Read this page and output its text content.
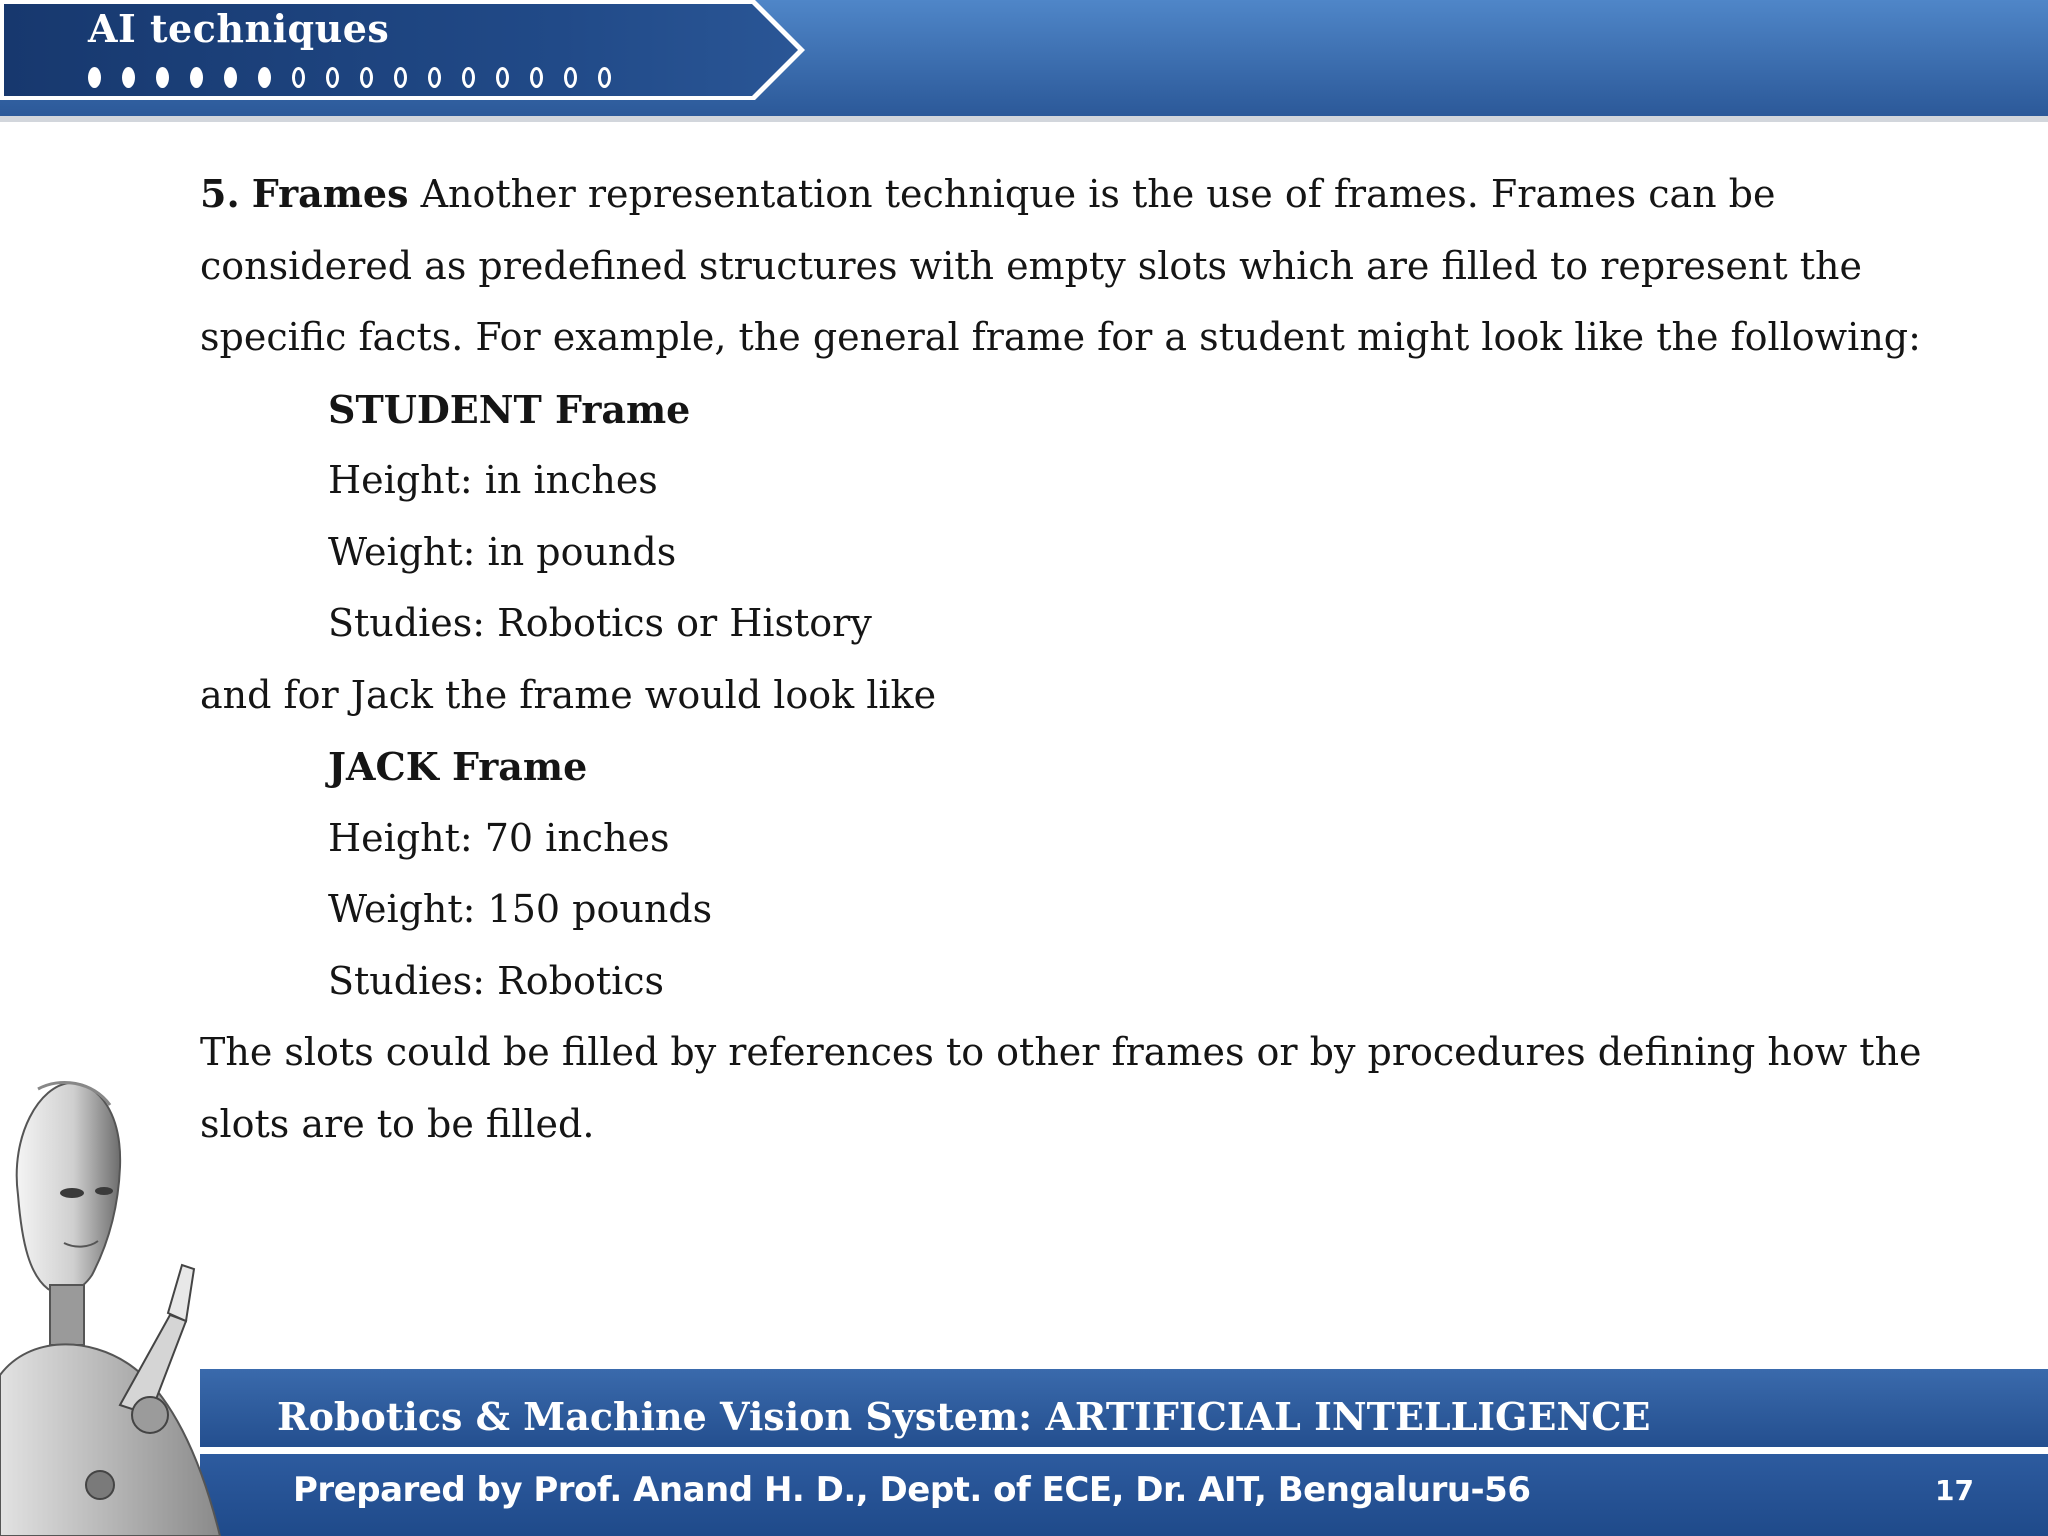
AI techniques

5. Frames Another representation technique is the use of frames. Frames can be
considered as predefined structures with empty slots which are filled to represent the
specific facts. For example, the general frame for a student might look like the following:

STUDENT Frame

Height: in inches

Weight: in pounds

Studies: Robotics or History

and for Jack the frame would look like

JACK Frame

Height: 70 inches

Weight: 150 pounds

Studies: Robotics

The slots could be filled by references to other frames or by procedures defining how the
slots are to be filled.

Robotics & Machine Vision System: ARTIFICIAL INTELLIGENCE
Prepared by Prof. Anand H. D., Dept. of ECE, Dr. AIT, Bengaluru-56	17
